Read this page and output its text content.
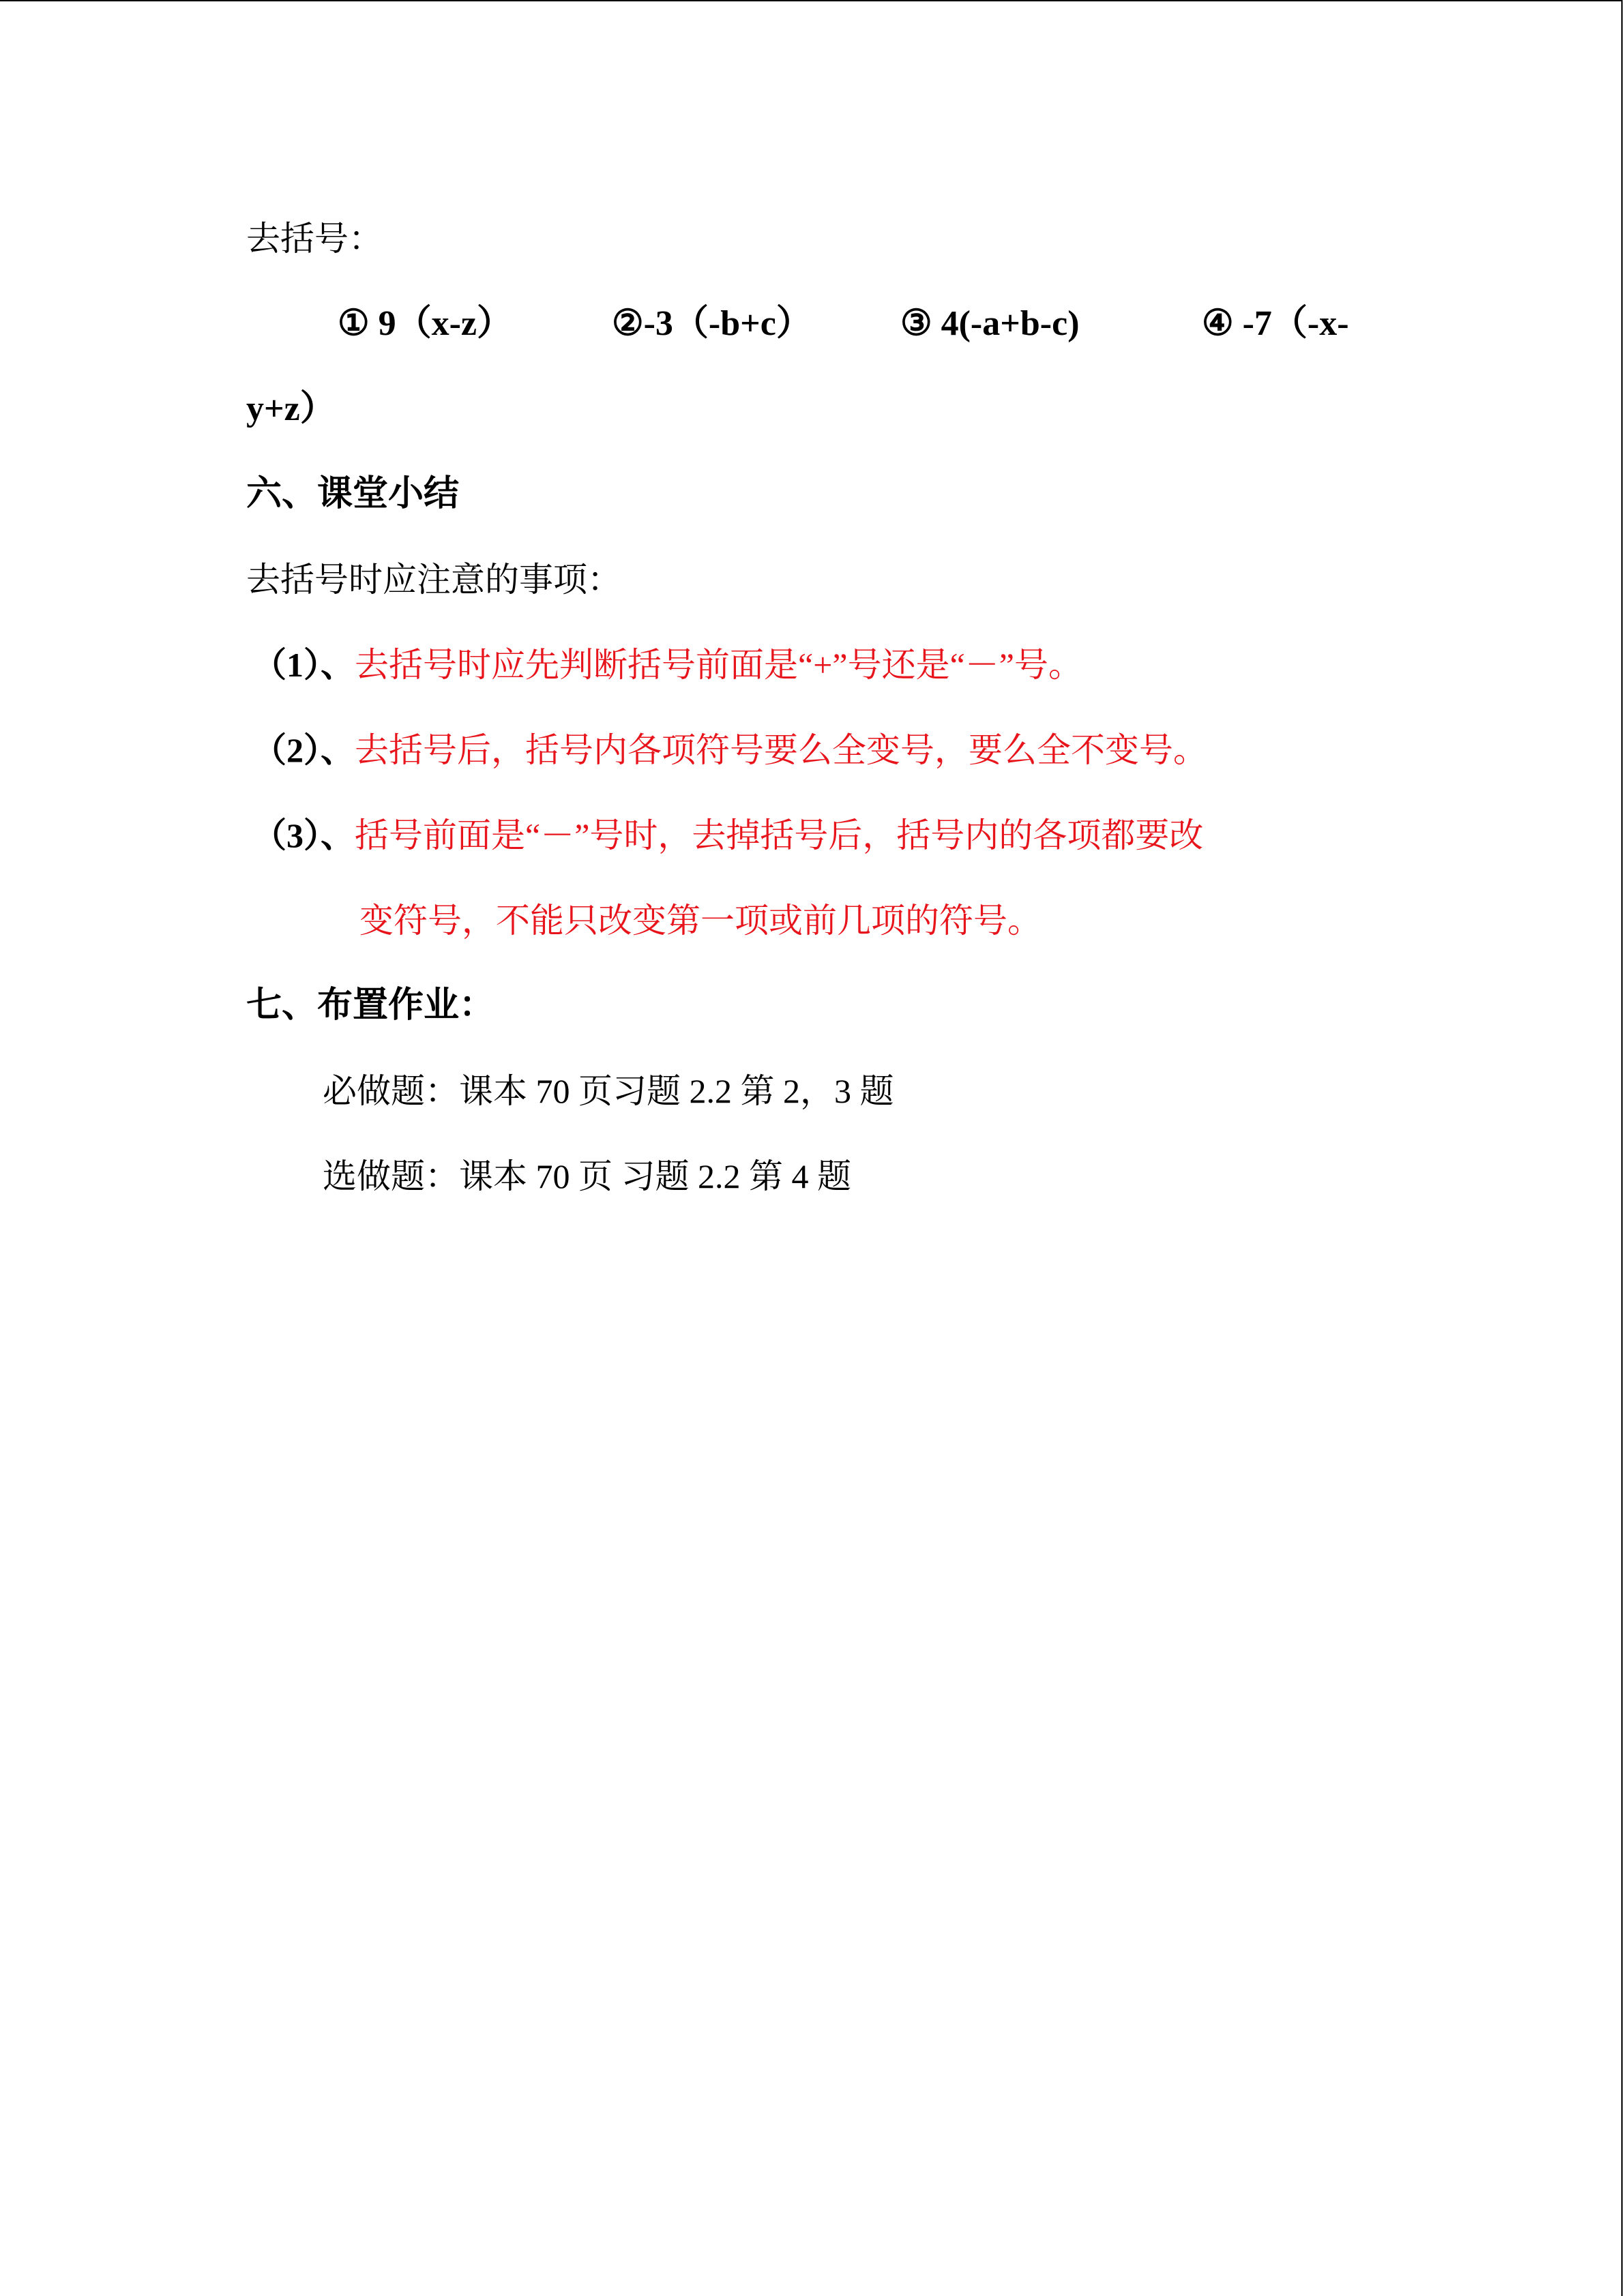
去括号：
① 9（x-z）	②-3（-b+c）	③ 4(-a+b-c)	④ -7（-x-
y+z）
六、课堂小结
去括号时应注意的事项：
（1）、去括号时应先判断括号前面是“+”号还是“－”号。
（2）、去括号后，括号内各项符号要么全变号，要么全不变号。
（3）、括号前面是“－”号时，去掉括号后，括号内的各项都要改
变符号，不能只改变第一项或前几项的符号。
七、布置作业：
必做题：课本 70 页习题 2.2 第 2，3 题
选做题：课本 70 页 习题 2.2 第 4 题
